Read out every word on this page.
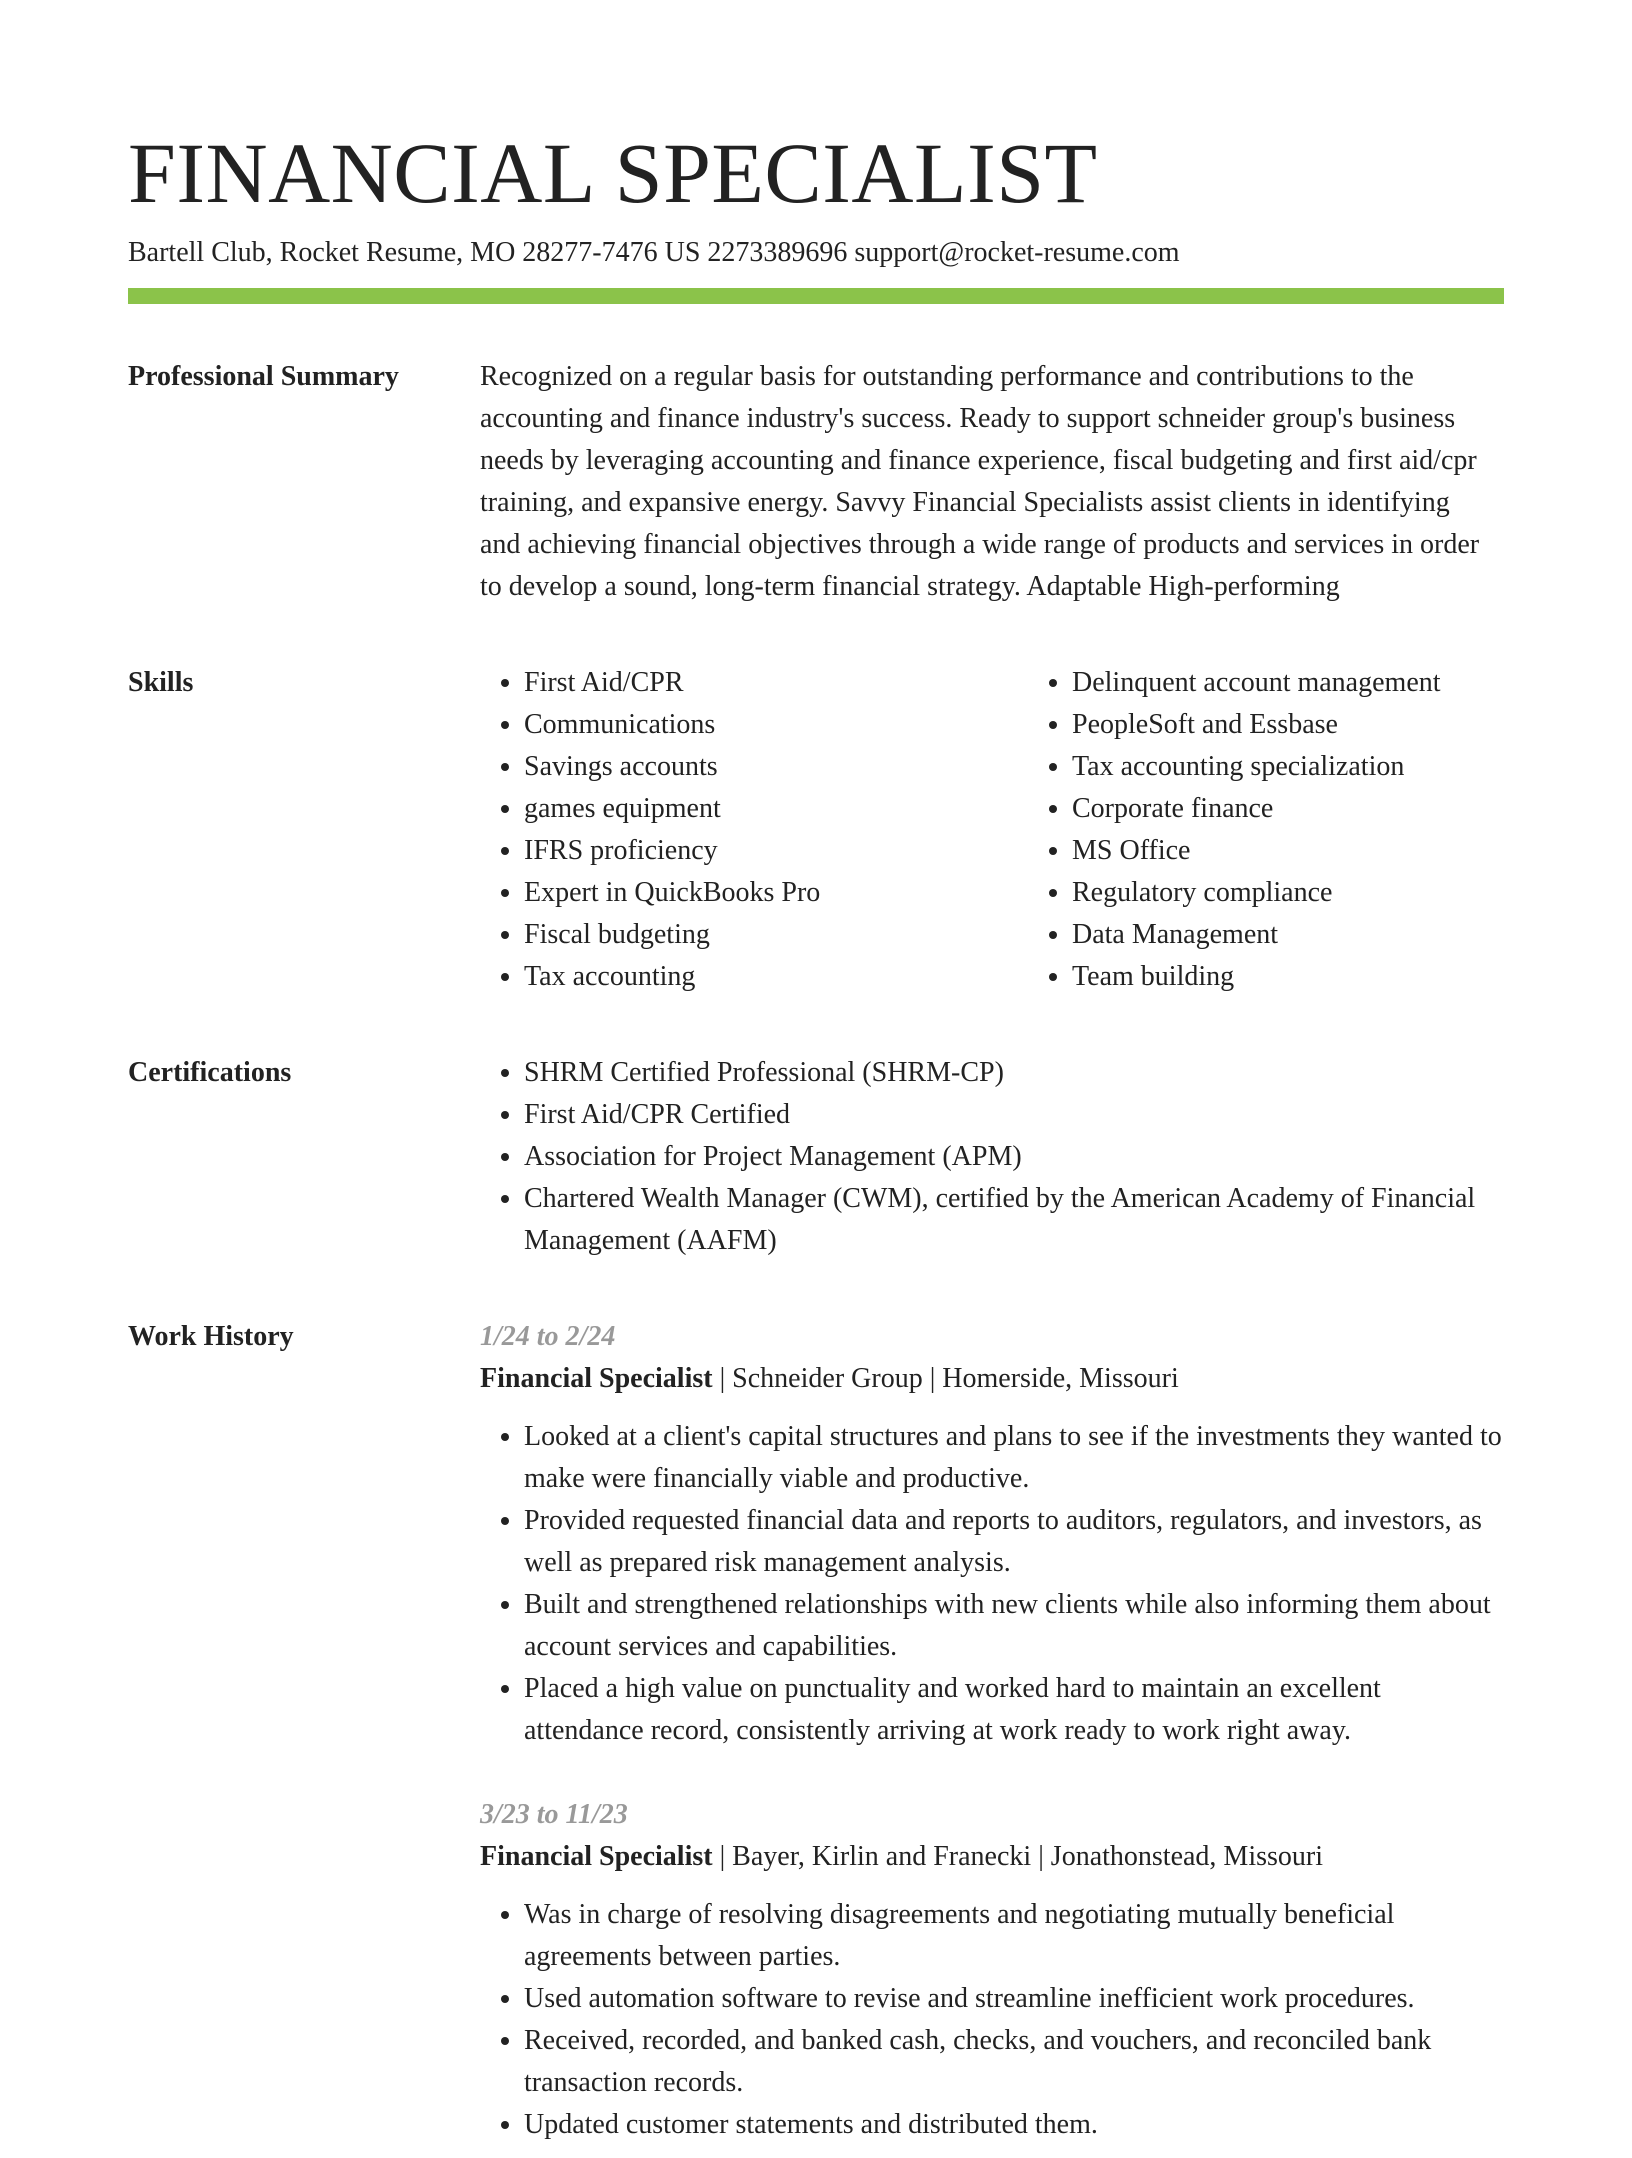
FINANCIAL SPECIALIST
Bartell Club, Rocket Resume, MO 28277-7476 US 2273389696 support@rocket-resume.com
Professional Summary	Recognized on a regular basis for outstanding performance and contributions to the accounting and finance industry's success. Ready to support schneider group's business needs by leveraging accounting and finance experience, fiscal budgeting and first aid/cpr training, and expansive energy. Savvy Financial Specialists assist clients in identifying and achieving financial objectives through a wide range of products and services in order to develop a sound, long-term financial strategy. Adaptable High-performing

Skills	• First Aid/CPR
• Communications
• Savings accounts
• games equipment
• IFRS proficiency
• Expert in QuickBooks Pro
• Fiscal budgeting
• Tax accounting
• Delinquent account management
• PeopleSoft and Essbase
• Tax accounting specialization
• Corporate finance
• MS Office
• Regulatory compliance
• Data Management
• Team building
Certifications	• SHRM Certified Professional (SHRM-CP)
• First Aid/CPR Certified
• Association for Project Management (APM)
• Chartered Wealth Manager (CWM), certified by the American Academy of Financial Management (AAFM)
Work History	1/24 to 2/24
Financial Specialist | Schneider Group | Homerside, Missouri
• Looked at a client's capital structures and plans to see if the investments they wanted to make were financially viable and productive.
• Provided requested financial data and reports to auditors, regulators, and investors, as well as prepared risk management analysis.
• Built and strengthened relationships with new clients while also informing them about account services and capabilities.
• Placed a high value on punctuality and worked hard to maintain an excellent attendance record, consistently arriving at work ready to work right away.
3/23 to 11/23
Financial Specialist | Bayer, Kirlin and Franecki | Jonathonstead, Missouri
• Was in charge of resolving disagreements and negotiating mutually beneficial agreements between parties.
• Used automation software to revise and streamline inefficient work procedures.
• Received, recorded, and banked cash, checks, and vouchers, and reconciled bank transaction records.
• Updated customer statements and distributed them.
